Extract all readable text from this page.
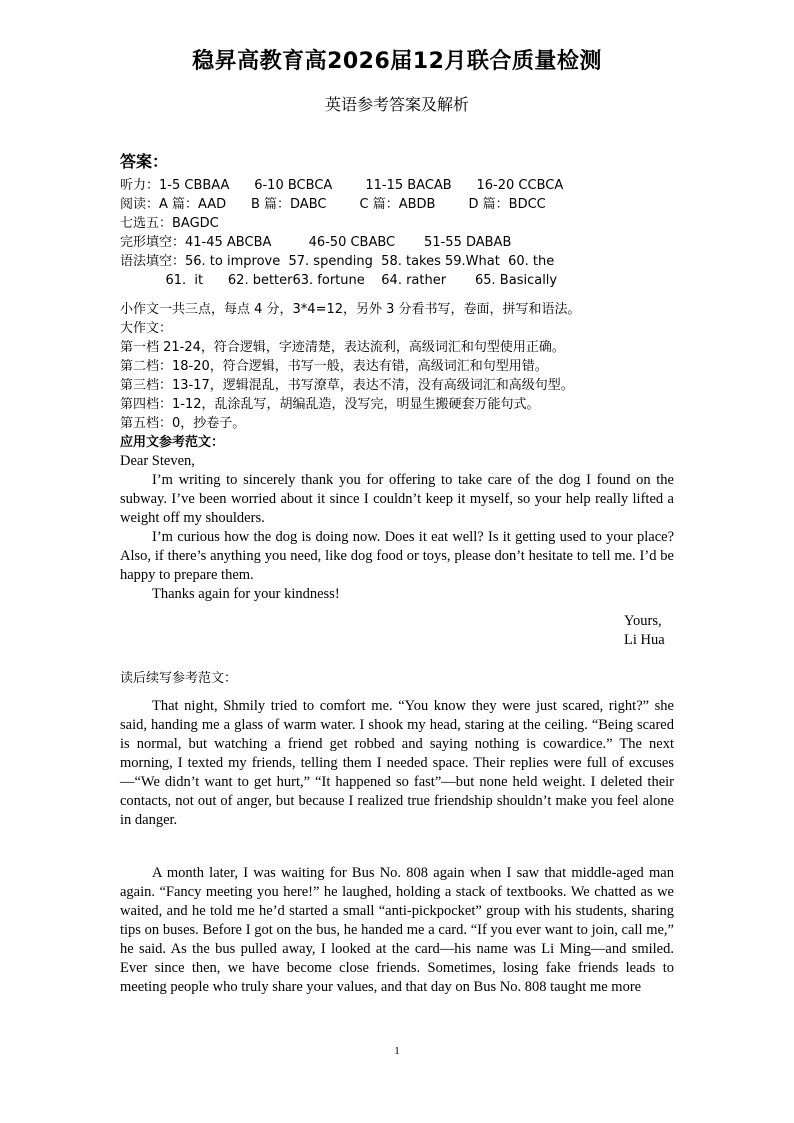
稳昇高教育高2026届12月联合质量检测
英语参考答案及解析
答案：
听力：1-5 CBBAA      6-10 BCBCA        11-15 BACAB      16-20 CCBCA
阅读：A 篇：AAD      B 篇：DABC        C 篇：ABDB        D 篇：BDCC
七选五：BAGDC
完形填空：41-45 ABCBA         46-50 CBABC       51-55 DABAB
语法填空：56. to improve  57. spending  58. takes 59.What  60. the
61.  it      62. better63. fortune    64. rather       65. Basically
小作文一共三点，每点 4 分，3*4=12，另外 3 分看书写，卷面，拼写和语法。
大作文：
第一档 21-24，符合逻辑，字迹清楚，表达流利，高级词汇和句型使用正确。
第二档：18-20，符合逻辑，书写一般，表达有错，高级词汇和句型用错。
第三档：13-17，逻辑混乱，书写潦草，表达不清，没有高级词汇和高级句型。
第四档：1-12，乱涂乱写，胡编乱造，没写完，明显生搬硬套万能句式。
第五档：0，抄卷子。
应用文参考范文：
Dear Steven,

I’m writing to sincerely thank you for offering to take care of the dog I found on the subway. I’ve been worried about it since I couldn’t keep it myself, so your help really lifted a weight off my shoulders.

I’m curious how the dog is doing now. Does it eat well? Is it getting used to your place? Also, if there’s anything you need, like dog food or toys, please don’t hesitate to tell me. I’d be happy to prepare them.

Thanks again for your kindness!

Yours,
Li Hua
读后续写参考范文：

That night, Shmily tried to comfort me. “You know they were just scared, right?” she said, handing me a glass of warm water. I shook my head, staring at the ceiling. “Being scared is normal, but watching a friend get robbed and saying nothing is cowardice.” The next morning, I texted my friends, telling them I needed space. Their replies were full of excuses—“We didn’t want to get hurt,” “It happened so fast”—but none held weight. I deleted their contacts, not out of anger, but because I realized true friendship shouldn’t make you feel alone in danger.

A month later, I was waiting for Bus No. 808 again when I saw that middle-aged man again. “Fancy meeting you here!” he laughed, holding a stack of textbooks. We chatted as we waited, and he told me he’d started a small “anti-pickpocket” group with his students, sharing tips on buses. Before I got on the bus, he handed me a card. “If you ever want to join, call me,” he said. As the bus pulled away, I looked at the card—his name was Li Ming—and smiled. Ever since then, we have become close friends. Sometimes, losing fake friends leads to meeting people who truly share your values, and that day on Bus No. 808 taught me more

1
